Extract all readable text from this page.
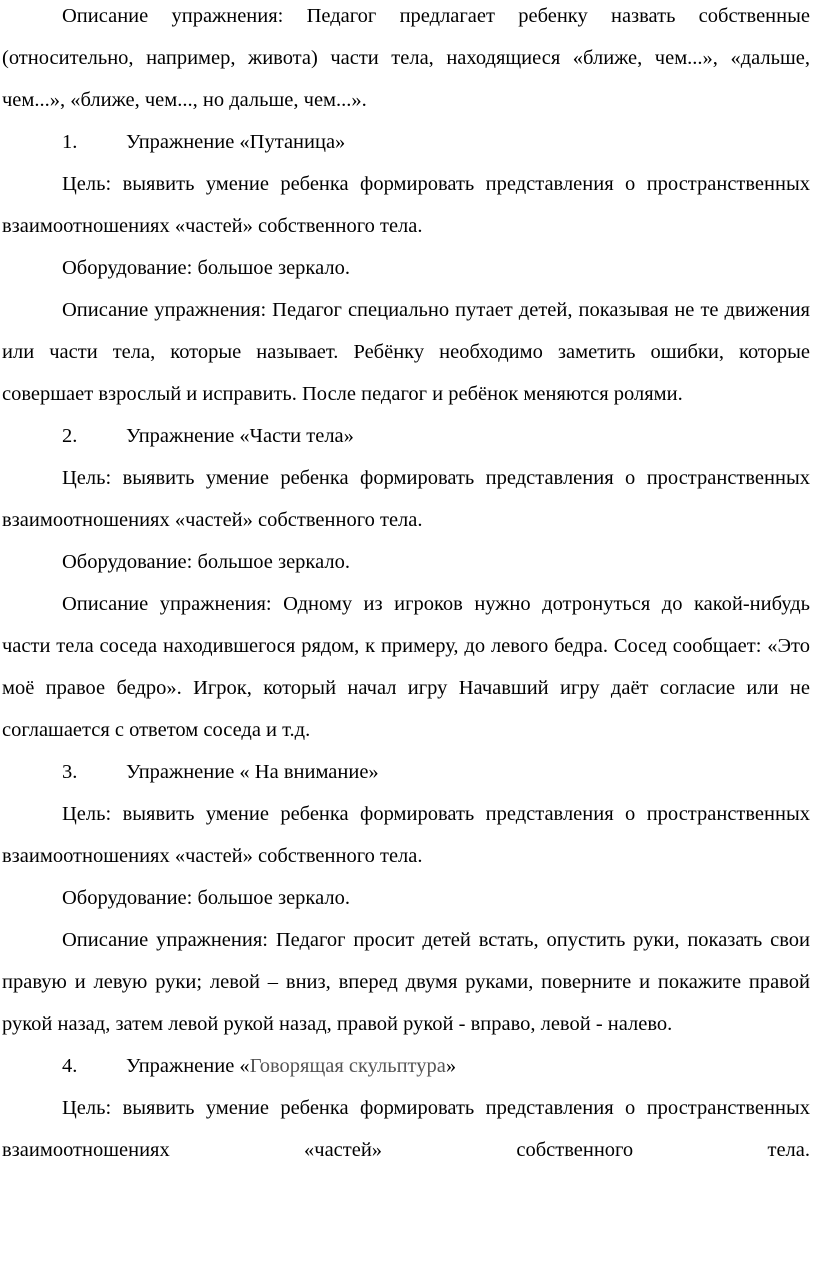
Описание упражнения: Педагог предлагает ребенку назвать собственные (относительно, например, живота) части тела, находящиеся «ближе, чем...», «дальше, чем...», «ближе, чем..., но дальше, чем...».

1. Упражнение «Путаница»

Цель: выявить умение ребенка формировать представления о пространственных взаимоотношениях «частей» собственного тела.

Оборудование: большое зеркало.

Описание упражнения: Педагог специально путает детей, показывая не те движения или части тела, которые называет. Ребёнку необходимо заметить ошибки, которые совершает взрослый и исправить. После педагог и ребёнок меняются ролями.

2. Упражнение «Части тела»

Цель: выявить умение ребенка формировать представления о пространственных взаимоотношениях «частей» собственного тела.

Оборудование: большое зеркало.

Описание упражнения: Одному из игроков нужно дотронуться до какой-нибудь части тела соседа находившегося рядом, к примеру, до левого бедра. Сосед сообщает: «Это моё правое бедро». Игрок, который начал игру Начавший игру даёт согласие или не соглашается с ответом соседа и т.д.

3. Упражнение « На внимание»

Цель: выявить умение ребенка формировать представления о пространственных взаимоотношениях «частей» собственного тела.

Оборудование: большое зеркало.

Описание упражнения: Педагог просит детей встать, опустить руки, показать свои правую и левую руки; левой – вниз, вперед двумя руками, поверните и покажите правой рукой назад, затем левой рукой назад, правой рукой - вправо, левой - налево.

4. Упражнение «Говорящая скульптура»

Цель: выявить умение ребенка формировать представления о пространственных взаимоотношениях «частей» собственного тела.
